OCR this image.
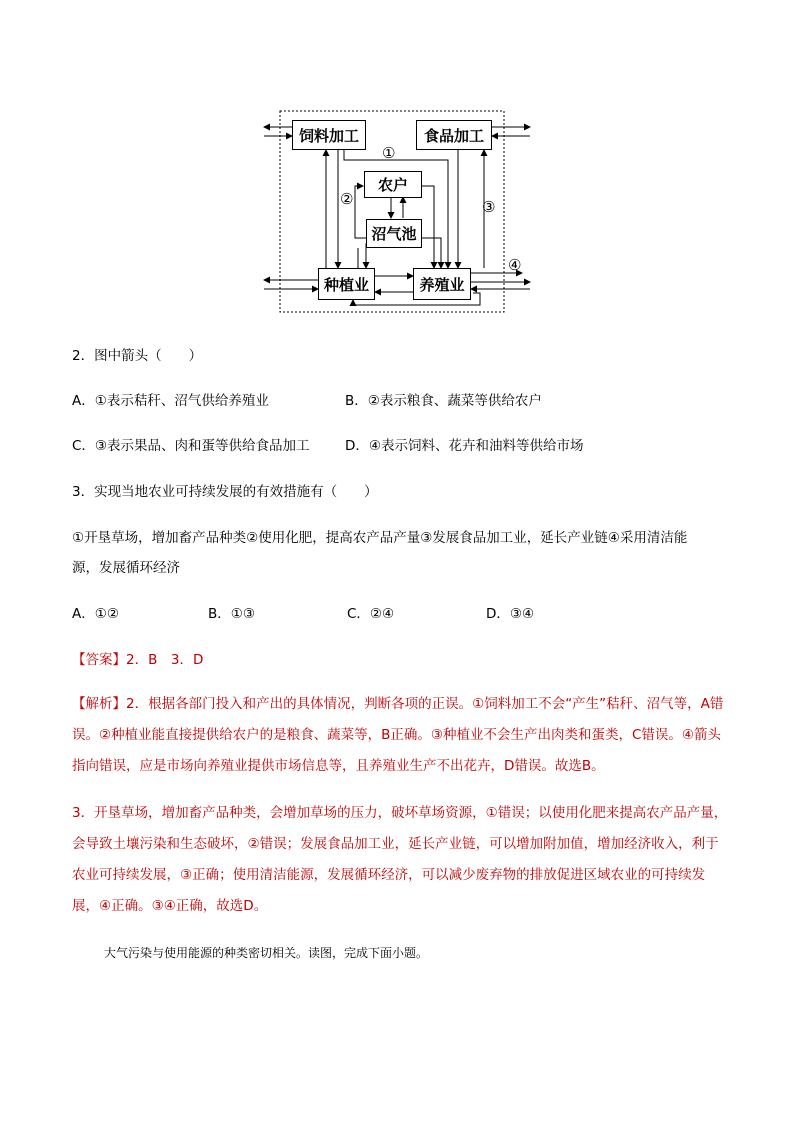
饲料加工	食品加工
农户
沼气池
种植业	养殖业
①
②	③
④
2．图中箭头（　　）
A．①表示秸秆、沼气供给养殖业	B．②表示粮食、蔬菜等供给农户
C．③表示果品、肉和蛋等供给食品加工	D．④表示饲料、花卉和油料等供给市场
3．实现当地农业可持续发展的有效措施有（　　）
①开垦草场，增加畜产品种类②使用化肥，提高农产品产量③发展食品加工业，延长产业链④采用清洁能
源，发展循环经济
A．①②	B．①③	C．②④	D．③④
【答案】2．B　3．D
【解析】2．根据各部门投入和产出的具体情况，判断各项的正误。①饲料加工不会“产生”秸秆、沼气等，A错误。②种植业能直接提供给农户的是粮食、蔬菜等，B正确。③种植业不会生产出肉类和蛋类，C错误。④箭头指向错误，应是市场向养殖业提供市场信息等，且养殖业生产不出花卉，D错误。故选B。
3．开垦草场，增加畜产品种类，会增加草场的压力，破坏草场资源，①错误；以使用化肥来提高农产品产量，会导致土壤污染和生态破坏，②错误；发展食品加工业，延长产业链，可以增加附加值，增加经济收入，利于农业可持续发展，③正确；使用清洁能源，发展循环经济，可以减少废弃物的排放促进区域农业的可持续发展，④正确。③④正确，故选D。
大气污染与使用能源的种类密切相关。读图，完成下面小题。
